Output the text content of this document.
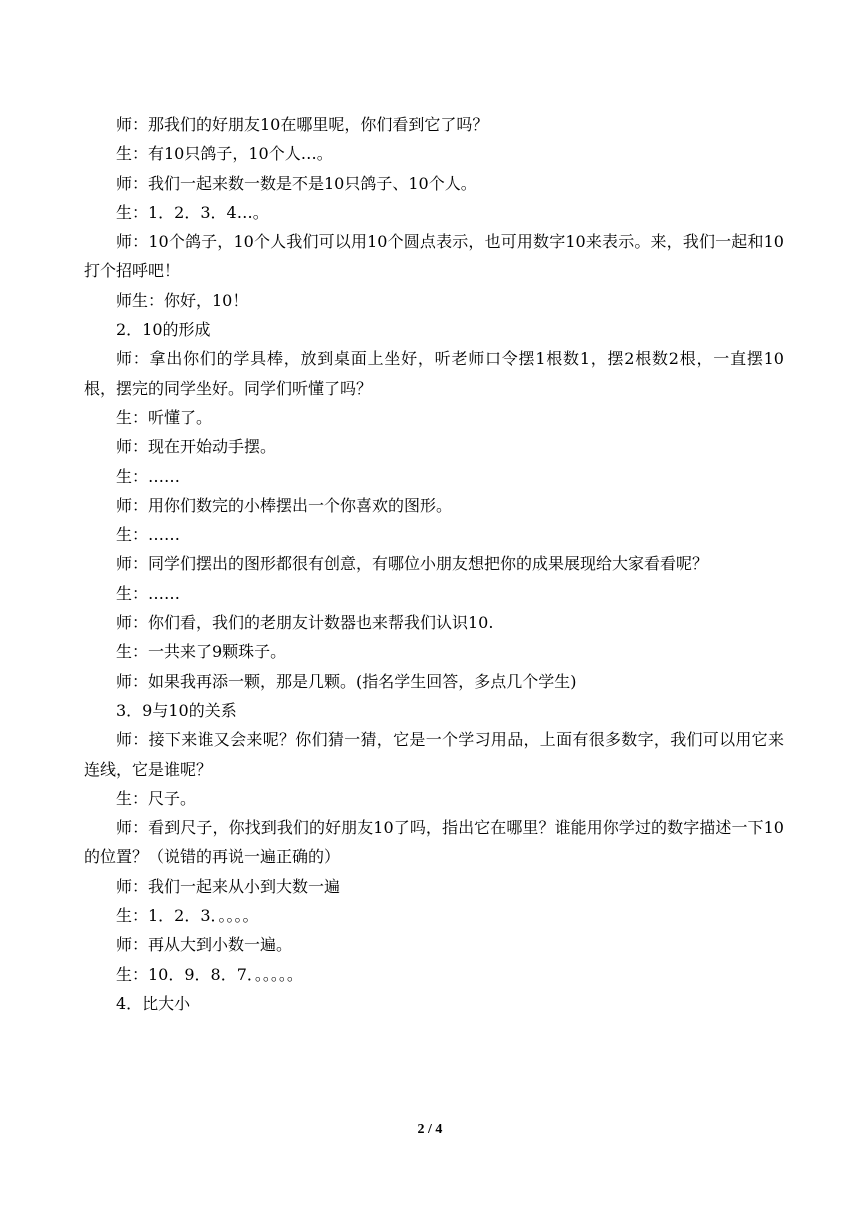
师：那我们的好朋友10在哪里呢，你们看到它了吗？

生：有10只鸽子，10个人…。

师：我们一起来数一数是不是10只鸽子、10个人。

生：1．2．3．4…。

师：10个鸽子，10个人我们可以用10个圆点表示，也可用数字10来表示。来，我们一起和10打个招呼吧！

师生：你好，10！

2．10的形成

师：拿出你们的学具棒，放到桌面上坐好，听老师口令摆1根数1，摆2根数2根，一直摆10根，摆完的同学坐好。同学们听懂了吗？

生：听懂了。

师：现在开始动手摆。

生：……

师：用你们数完的小棒摆出一个你喜欢的图形。

生：……

师：同学们摆出的图形都很有创意，有哪位小朋友想把你的成果展现给大家看看呢？

生：……

师：你们看，我们的老朋友计数器也来帮我们认识10.

生：一共来了9颗珠子。

师：如果我再添一颗，那是几颗。(指名学生回答，多点几个学生)

3．9与10的关系

师：接下来谁又会来呢？你们猜一猜，它是一个学习用品，上面有很多数字，我们可以用它来连线，它是谁呢？

生：尺子。

师：看到尺子，你找到我们的好朋友10了吗，指出它在哪里？谁能用你学过的数字描述一下10的位置？（说错的再说一遍正确的）

师：我们一起来从小到大数一遍

生：1．2．3．。。。。

师：再从大到小数一遍。

生：10．9．8．7．。。。。。

4．比大小

2 / 4
